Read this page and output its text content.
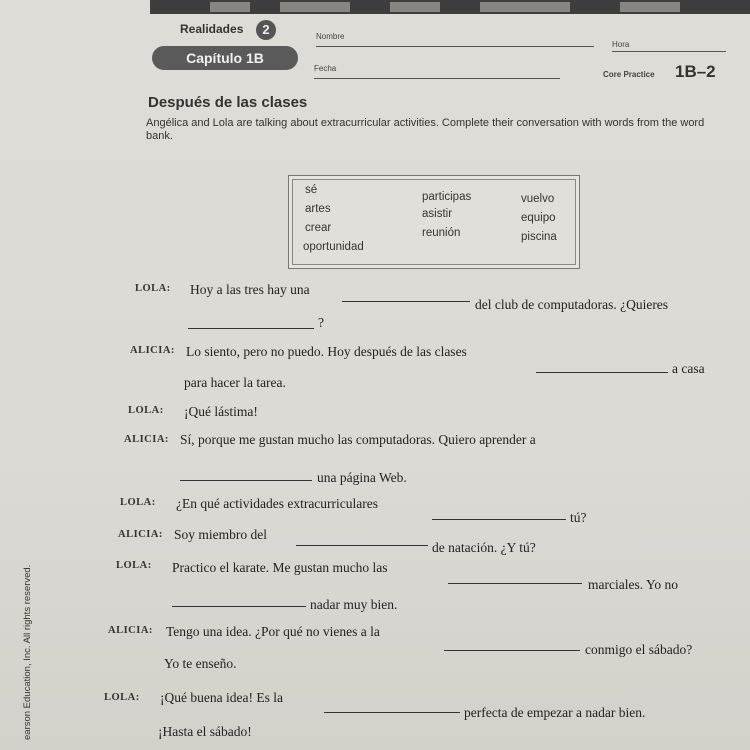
Realidades	2
Capítulo 1B
Nombre
Hora
Fecha
Core Practice 1B–2
Después de las clases
Angélica and Lola are talking about extracurricular activities. Complete their conversation with words from the word bank.
sé
artes
crear
oportunidad
participas
asistir
reunión
vuelvo
equipo
piscina
LOLA: Hoy a las tres hay una
del club de computadoras. ¿Quieres
?
ALICIA: Lo siento, pero no puedo. Hoy después de las clases
a casa
para hacer la tarea.
LOLA: ¡Qué lástima!
ALICIA: Sí, porque me gustan mucho las computadoras. Quiero aprender a
una página Web.
LOLA: ¿En qué actividades extracurriculares
tú?
ALICIA: Soy miembro del
de natación. ¿Y tú?
LOLA: Practico el karate. Me gustan mucho las
marciales. Yo no
nadar muy bien.
ALICIA: Tengo una idea. ¿Por qué no vienes a la
conmigo el sábado?
Yo te enseño.
LOLA: ¡Qué buena idea! Es la
perfecta de empezar a nadar bien.
¡Hasta el sábado!
earson Education, Inc. All rights reserved.
